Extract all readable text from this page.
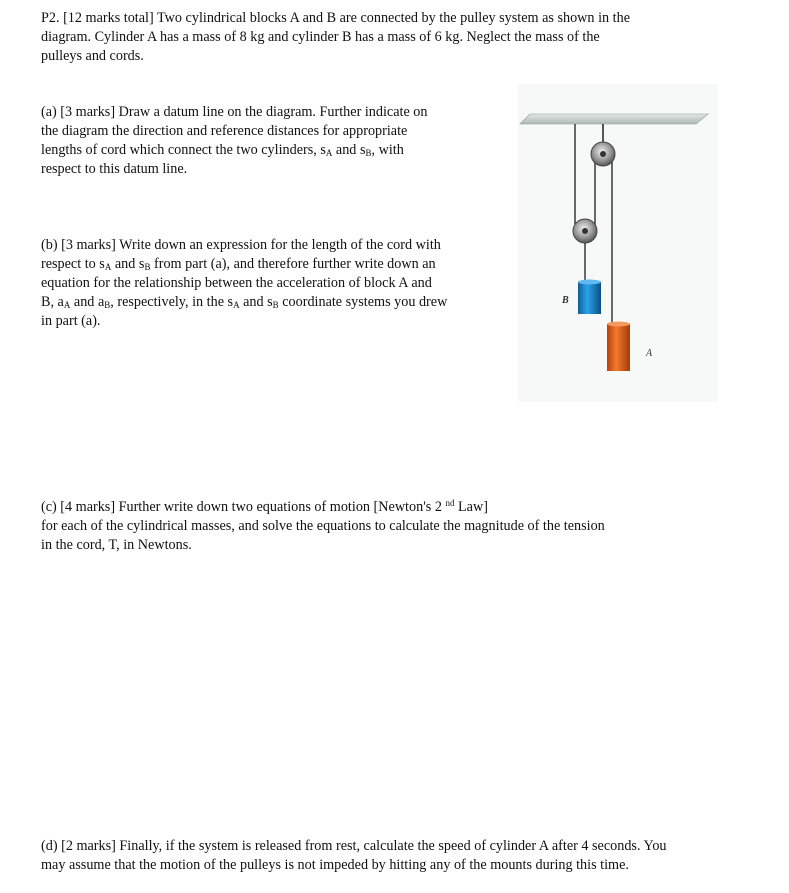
P2. [12 marks total] Two cylindrical blocks A and B are connected by the pulley system as shown in the
diagram. Cylinder A has a mass of 8 kg and cylinder B has a mass of 6 kg. Neglect the mass of the
pulleys and cords.
(a) [3 marks] Draw a datum line on the diagram. Further indicate on
the diagram the direction and reference distances for appropriate
lengths of cord which connect the two cylinders, $s_A$ and $s_B$, with
respect to this datum line.
(b) [3 marks] Write down an expression for the length of the cord with
respect to $s_A$ and $s_B$ from part (a), and therefore further write down an
equation for the relationship between the acceleration of block A and
B, $a_A$ and $a_B$, respectively, in the $s_A$ and $s_B$ coordinate systems you drew
in part (a).
B
A
(c) [4 marks] Further write down two equations of motion [Newton's 2 $^{nd}$ Law]
for each of the cylindrical masses, and solve the equations to calculate the magnitude of the tension
in the cord, T, in Newtons.
(d) [2 marks] Finally, if the system is released from rest, calculate the speed of cylinder A after 4 seconds. You
may assume that the motion of the pulleys is not impeded by hitting any of the mounts during this time.
